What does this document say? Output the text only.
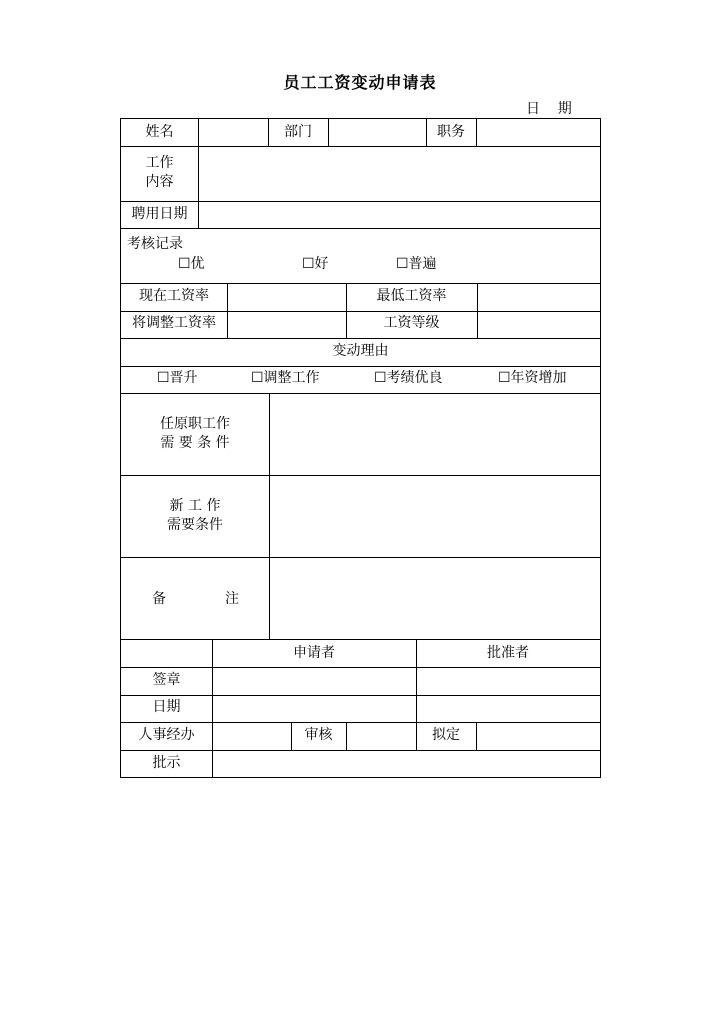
员工工资变动申请表
日    期
姓名	部门	职务
工作
内容
聘用日期
考核记录
☐优	☐好	☐普遍
现在工资率	最低工资率
将调整工资率	工资等级
变动理由
☐晋升	☐调整工作	☐考绩优良	☐年资增加
任原职工作
需 要 条 件
新 工 作
需要条件
备	注
申请者	批准者
签章
日期
人事经办	审核	拟定
批示
